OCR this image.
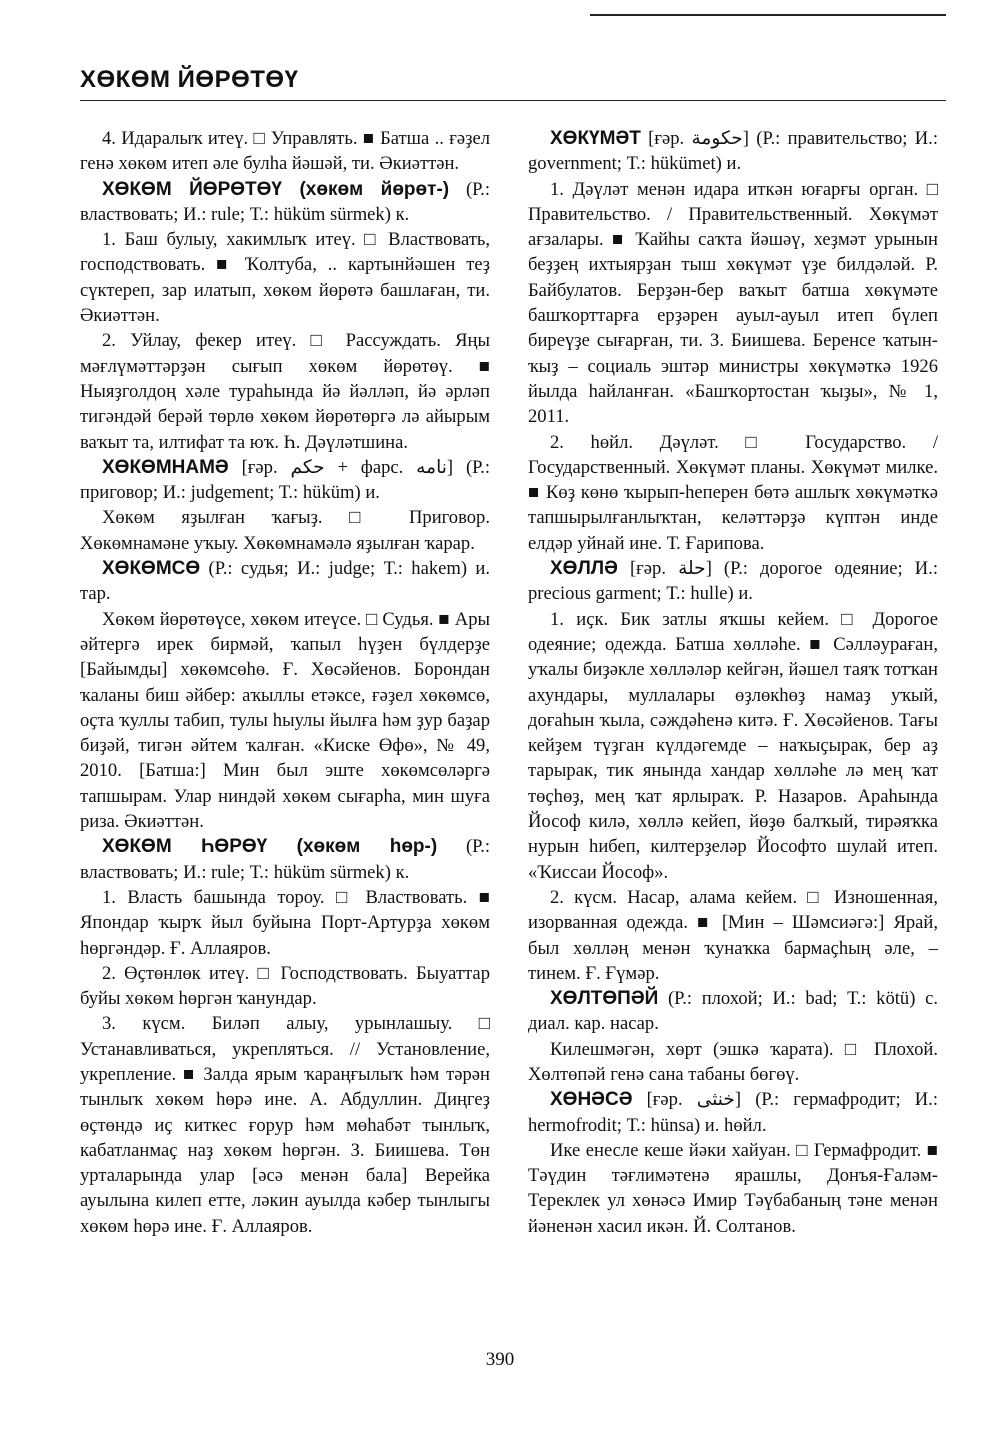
ХӨКӨМ ЙӨРӨТӨҮ

4. Идаралыҡ итеү. □ Управлять. ■ Батша .. ғәҙел генә хөкөм итеп әле булһа йәшәй, ти. Әкиәттән.

ХӨКӨМ ЙӨРӨТӨҮ (хөкөм йөрөт-) (Р.: властвовать; И.: rule; Т.: hüküm sürmek) к.

1. Баш булыу, хакимлыҡ итеү. □ Властвовать, господствовать. ■ Ҡолтуба, .. картынйәшен теҙ сүктереп, зар илатып, хөкөм йөрөтә башлаған, ти. Әкиәттән.

2. Уйлау, фекер итеү. □ Рассуждать. Яңы мәғлүмәттәрҙән сығып хөкөм йөрөтөү. ■ Ныяҙголдоң хәле тураһында йә йәлләп, йә әрләп тигәндәй берәй төрлө хөкөм йөрөтөргә лә айырым ваҡыт та, илтифат та юҡ. Һ. Дәүләтшина.

ХӨКӨМНАМӘ [ғәр. حكم + фарс. نامه] (Р.: приговор; И.: judgement; Т.: hüküm) и.

Хөкөм яҙылған ҡағыҙ. □ Приговор. Хөкөмнамәне уҡыу. Хөкөмнамәлә яҙылған ҡарар.

ХӨКӨМСӨ (Р.: судья; И.: judge; Т.: hakem) и. тар.

Хөкөм йөрөтөүсе, хөкөм итеүсе. □ Судья. ■ Ары әйтергә ирек бирмәй, ҡапыл һүҙен бүлдерҙе [Байымды] хөкөмсөһө. Ғ. Хөсәйенов. Борондан ҡаланы биш әйбер: аҡыллы етәксе, ғәҙел хөкөмсө, оҫта ҡуллы табип, тулы һыулы йылға һәм ҙур баҙар биҙәй, тигән әйтем ҡалған. «Киске Өфө», № 49, 2010. [Батша:] Мин был эште хөкөмсөләргә тапшырам. Улар ниндәй хөкөм сығарһа, мин шуға риза. Әкиәттән.

ХӨКӨМ ҺӨРӨҮ (хөкөм һөр-) (Р.: властвовать; И.: rule; Т.: hüküm sürmek) к.

1. Власть башында тороу. □ Властвовать. ■ Япондар ҡырҡ йыл буйына Порт-Артурҙа хөкөм һөргәндәр. Ғ. Аллаяров.

2. Өҫтөнлөк итеү. □ Господствовать. Быуаттар буйы хөкөм һөргән ҡанундар.

3. күсм. Биләп алыу, урынлашыу. □ Устанавливаться, укрепляться. // Установление, укрепление. ■ Залда ярым ҡараңғылыҡ һәм тәрән тынлыҡ хөкөм һөрә ине. А. Абдуллин. Диңгеҙ өҫтөндә иҫ киткес ғорур һәм мөһабәт тынлыҡ, кабатланмаҫ наҙ хөкөм һөргән. З. Биишева. Төн урталарында улар [әсә менән бала] Верейка ауылына килеп етте, ләкин ауылда кәбер тынлыгы хөкөм һөрә ине. Ғ. Аллаяров.

ХӨКҮМӘТ [ғәр. حكومة] (Р.: правительство; И.: government; Т.: hükümet) и.

1. Дәүләт менән идара иткән юғарғы орган. □ Правительство. / Правительственный. Хөкүмәт ағзалары. ■ Ҡайһы саҡта йәшәү, хеҙмәт урынын беҙҙең ихтыярҙан тыш хөкүмәт үҙе билдәләй. Р. Байбулатов. Берҙән-бер ваҡыт батша хөкүмәте башҡорттарға ерҙәрен ауыл-ауыл итеп бүлеп биреүҙе сығарған, ти. З. Биишева. Беренсе ҡатын-ҡыҙ – социаль эштәр министры хөкүмәткә 1926 йылда һайланған. «Башҡортостан ҡыҙы», № 1, 2011.

2. һөйл. Дәүләт. □ Государство. / Государственный. Хөкүмәт планы. Хөкүмәт милке. ■ Көҙ көнө ҡырып-һеперен бөтә ашлыҡ хөкүмәткә тапшырылғанлыҡтан, келәттәрҙә күптән инде елдәр уйнай ине. Т. Ғарипова.

ХӨЛЛӘ [ғәр. حلة] (Р.: дорогое одеяние; И.: precious garment; Т.: hulle) и.

1. иҫк. Бик затлы яҡшы кейем. □ Дорогое одеяние; одежда. Батша хөлләһе. ■ Сәлләураған, уҡалы биҙәкле хөлләләр кейгән, йәшел таяҡ тотҡан ахундары, муллалары өҙлөкһөҙ намаҙ уҡый, доғаһын ҡыла, сәждәһенә китә. Ғ. Хөсәйенов. Тағы кейҙем түҙган күлдәгемде – наҡыҫырак, бер аҙ тарырак, тик янында хандар хөлләһе лә мең ҡат төҫһөҙ, мең ҡат ярлыраҡ. Р. Назаров. Араһында Йософ килә, хөллә кейеп, йөҙө балҡый, тирәяҡка нурын һибеп, килтерҙеләр Йософто шулай итеп. «Ҡиссаи Йософ».

2. күсм. Насар, алама кейем. □ Изношенная, изорванная одежда. ■ [Мин – Шәмсиәгә:] Ярай, был хөлләң менән ҡунаҡка бармаҫһың әле, – тинем. Ғ. Ғүмәр.

ХӨЛТӨПӘЙ (Р.: плохой; И.: bad; Т.: kötü) с. диал. кар. насар.

Килешмәгән, хөрт (эшкә ҡарата). □ Плохой. Хөлтөпәй генә сана табаны бөгөү.

ХӨНӘСӘ [ғәр. خنثى] (Р.: гермафродит; И.: hermofrodit; Т.: hünsa) и. һөйл.

Ике енесле кеше йәки хайуан. □ Гермафродит. ■ Тәүдин тәғлимәтенә ярашлы, Донъя-Ғаләм-Тереклек ул хөнәсә Имир Тәүбабаның тәне менән йәненән хасил икән. Й. Солтанов.

390
